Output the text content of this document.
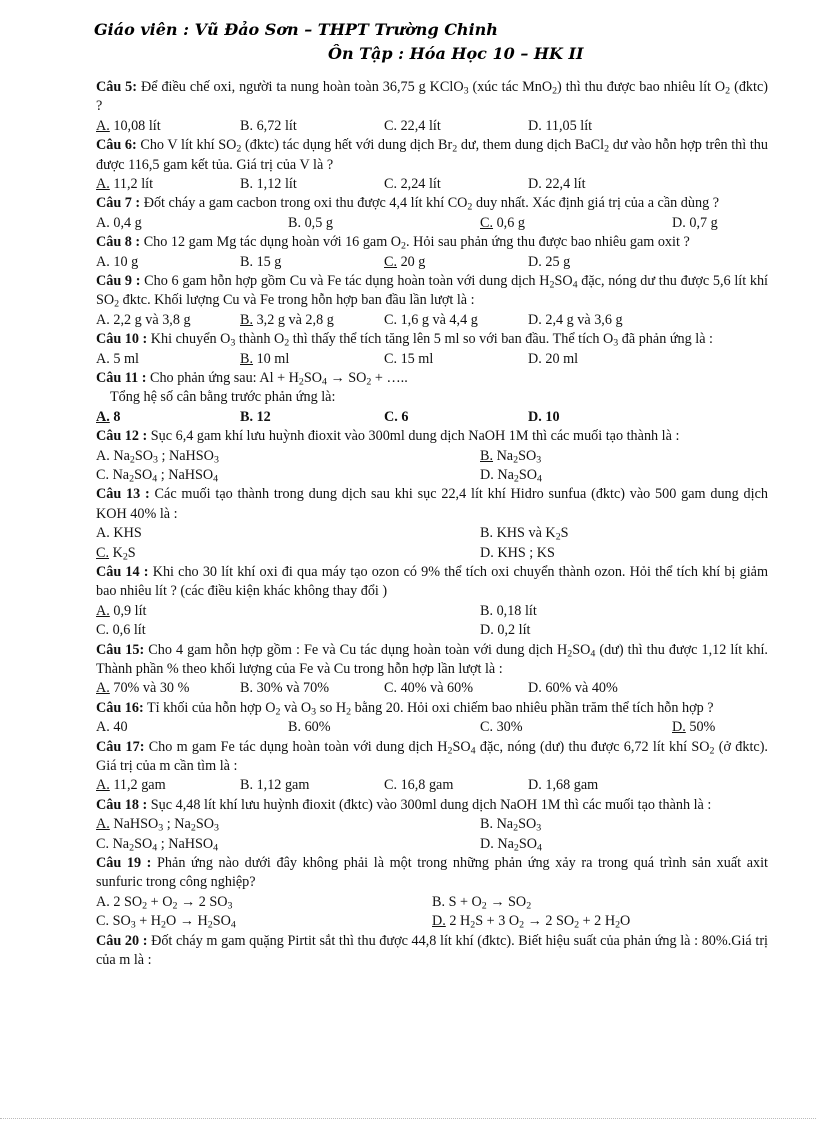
Giáo viên : Vũ Đảo Sơn – THPT Trường Chinh
Ôn Tập : Hóa Học 10 – HK II
Câu 5: Để điều chế oxi, người ta nung hoàn toàn 36,75 g KClO$_3$ (xúc tác MnO$_2$) thì thu được bao nhiêu lít $O_2$ (đktc) ?
A. 10,08 lít	B. 6,72 lít	C. 22,4 lít	D. 11,05 lít
Câu 6: Cho V lít khí $SO_2$ (đktc) tác dụng hết với dung dịch $Br_2$ dư, them dung dịch BaCl$_2$ dư vào hỗn hợp trên thì thu được 116,5 gam kết tủa. Giá trị của V là ?
A. 11,2 lít	B. 1,12 lít	C. 2,24 lít	D. 22,4 lít
Câu 7 : Đốt cháy a gam cacbon trong oxi thu được 4,4 lít khí $CO_2$ duy nhất. Xác định giá trị của a cần dùng ?
A. 0,4 g	B. 0,5 g	C. 0,6 g	D. 0,7 g
Câu 8 : Cho 12 gam Mg tác dụng hoàn với 16 gam $O_2$. Hỏi sau phản ứng thu được bao nhiêu gam oxit ?
A. 10 g	B. 15 g	C. 20 g	D. 25 g
Câu 9 : Cho 6 gam hỗn hợp gồm Cu và Fe tác dụng hoàn toàn với dung dịch $H_2SO_4$ đặc, nóng dư thu được 5,6 lít khí $SO_2$ đktc. Khối lượng Cu và Fe trong hỗn hợp ban đầu lần lượt là :
A. 2,2 g và 3,8 g	B. 3,2 g và 2,8 g	C. 1,6 g và 4,4 g	D. 2,4 g và 3,6 g
Câu 10 : Khi chuyển $O_3$ thành $O_2$ thì thấy thể tích tăng lên 5 ml so với ban đầu. Thể tích $O_3$ đã phản ứng là :
A. 5 ml	B. 10 ml	C. 15 ml	D. 20 ml
Câu 11 : Cho phản ứng sau: $Al + H_2SO_4 \to SO_2$ + …..
Tổng hệ số cân bằng trước phản ứng là:
A. 8	B. 12	C. 6	D. 10
Câu 12 : Sục 6,4 gam khí lưu huỳnh đioxit vào 300ml dung dịch NaOH 1M thì các muối tạo thành là :
A. $Na_2SO_3$ ; NaHSO$_3$	B. $Na_2SO_3$
C. $Na_2SO_4$ ; NaHSO$_4$	D. $Na_2SO_4$
Câu 13 : Các muối tạo thành trong dung dịch sau khi sục 22,4 lít khí Hidro sunfua (đktc) vào 500 gam dung dịch KOH 40% là :
A. KHS	B. KHS và $K_2S$
C. $K_2S$	D. KHS ; KS
Câu 14 : Khi cho 30 lít khí oxi đi qua máy tạo ozon có 9% thể tích oxi chuyển thành ozon. Hỏi thể tích khí bị giảm bao nhiêu lít ? (các điều kiện khác không thay đổi )
A. 0,9 lít	B. 0,18 lít
C. 0,6 lít	D. 0,2 lít
Câu 15: Cho 4 gam hỗn hợp gồm : Fe và Cu tác dụng hoàn toàn với dung dịch $H_2SO_4$ (dư) thì thu được 1,12 lít khí. Thành phần % theo khối lượng của Fe và Cu trong hỗn hợp lần lượt là :
A. 70% và 30 %	B. 30% và 70%	C. 40% và 60%	D. 60% và 40%
Câu 16: Tỉ khối của hỗn hợp $O_2$ và $O_3$ so $H_2$ bằng 20. Hỏi oxi chiếm bao nhiêu phần trăm thể tích hỗn hợp ?
A. 40	B. 60%	C. 30%	D. 50%
Câu 17: Cho m gam Fe tác dụng hoàn toàn với dung dịch $H_2SO_4$ đặc, nóng (dư) thu được 6,72 lít khí $SO_2$ (ở đktc). Giá trị của m cần tìm là :
A. 11,2 gam	B. 1,12 gam	C. 16,8 gam	D. 1,68 gam
Câu 18 : Sục 4,48 lít khí lưu huỳnh đioxit (đktc) vào 300ml dung dịch NaOH 1M thì các muối tạo thành là :
A. NaHSO$_3$ ; $Na_2SO_3$	B. $Na_2SO_3$
C. $Na_2SO_4$ ; NaHSO$_4$	D. $Na_2SO_4$
Câu 19 : Phản ứng nào dưới đây không phải là một trong những phản ứng xảy ra trong quá trình sản xuất axit sunfuric trong công nghiệp?
A. 2 $SO_2 + O_2 \to 2$ $SO_3$	B. $S + O_2 \to SO_2$
C. $SO_3 + H_2O \to H_2SO_4$	D. 2 $H_2S + 3$ $O_2 \to 2$ $SO_2 + 2$ $H_2O$
Câu 20 : Đốt cháy m gam quặng Pirtit sắt thì thu được 44,8 lít khí (đktc). Biết hiệu suất của phản ứng là : 80%.Giá trị của m là :
